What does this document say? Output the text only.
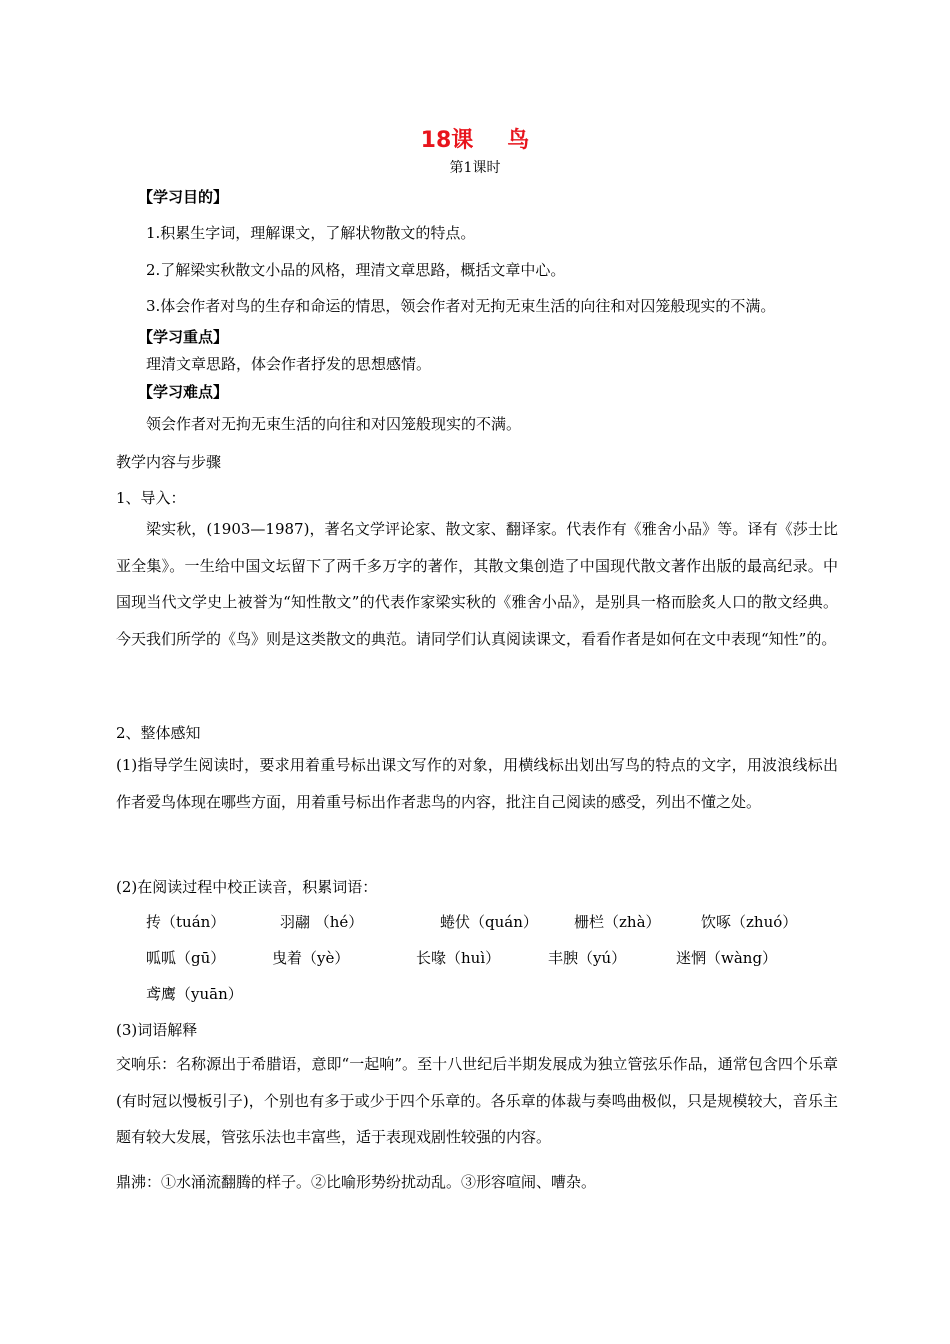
18课 鸟
第1课时
【学习目的】
1.积累生字词，理解课文，了解状物散文的特点。
2.了解梁实秋散文小品的风格，理清文章思路，概括文章中心。
3.体会作者对鸟的生存和命运的情思，领会作者对无拘无束生活的向往和对囚笼般现实的不满。
【学习重点】
理清文章思路，体会作者抒发的思想感情。
【学习难点】
领会作者对无拘无束生活的向往和对囚笼般现实的不满。
教学内容与步骤
1、导入：
梁实秋，(1903—1987)，著名文学评论家、散文家、翻译家。代表作有《雅舍小品》等。译有《莎士比亚全集》。一生给中国文坛留下了两千多万字的著作，其散文集创造了中国现代散文著作出版的最高纪录。中国现当代文学史上被誉为“知性散文”的代表作家梁实秋的《雅舍小品》，是别具一格而脍炙人口的散文经典。今天我们所学的《鸟》则是这类散文的典范。请同学们认真阅读课文，看看作者是如何在文中表现“知性”的。
2、整体感知
(1)指导学生阅读时，要求用着重号标出课文写作的对象，用横线标出划出写鸟的特点的文字，用波浪线标出作者爱鸟体现在哪些方面，用着重号标出作者悲鸟的内容，批注自己阅读的感受，列出不懂之处。
(2)在阅读过程中校正读音，积累词语：
抟（tuán）	羽翮 （hé）	蜷伏（quán） 栅栏（zhà）	饮啄（zhuó）
呱呱（gū）	曳着（yè）	长喙（huì）	丰腴（yú）	迷惘（wàng）
鸢鹰（yuān）
(3)词语解释
交响乐：名称源出于希腊语，意即“一起响”。至十八世纪后半期发展成为独立管弦乐作品，通常包含四个乐章(有时冠以慢板引子)，个别也有多于或少于四个乐章的。各乐章的体裁与奏鸣曲极似，只是规模较大，音乐主题有较大发展，管弦乐法也丰富些，适于表现戏剧性较强的内容。
鼎沸：①水涌流翻腾的样子。②比喻形势纷扰动乱。③形容喧闹、嘈杂。
